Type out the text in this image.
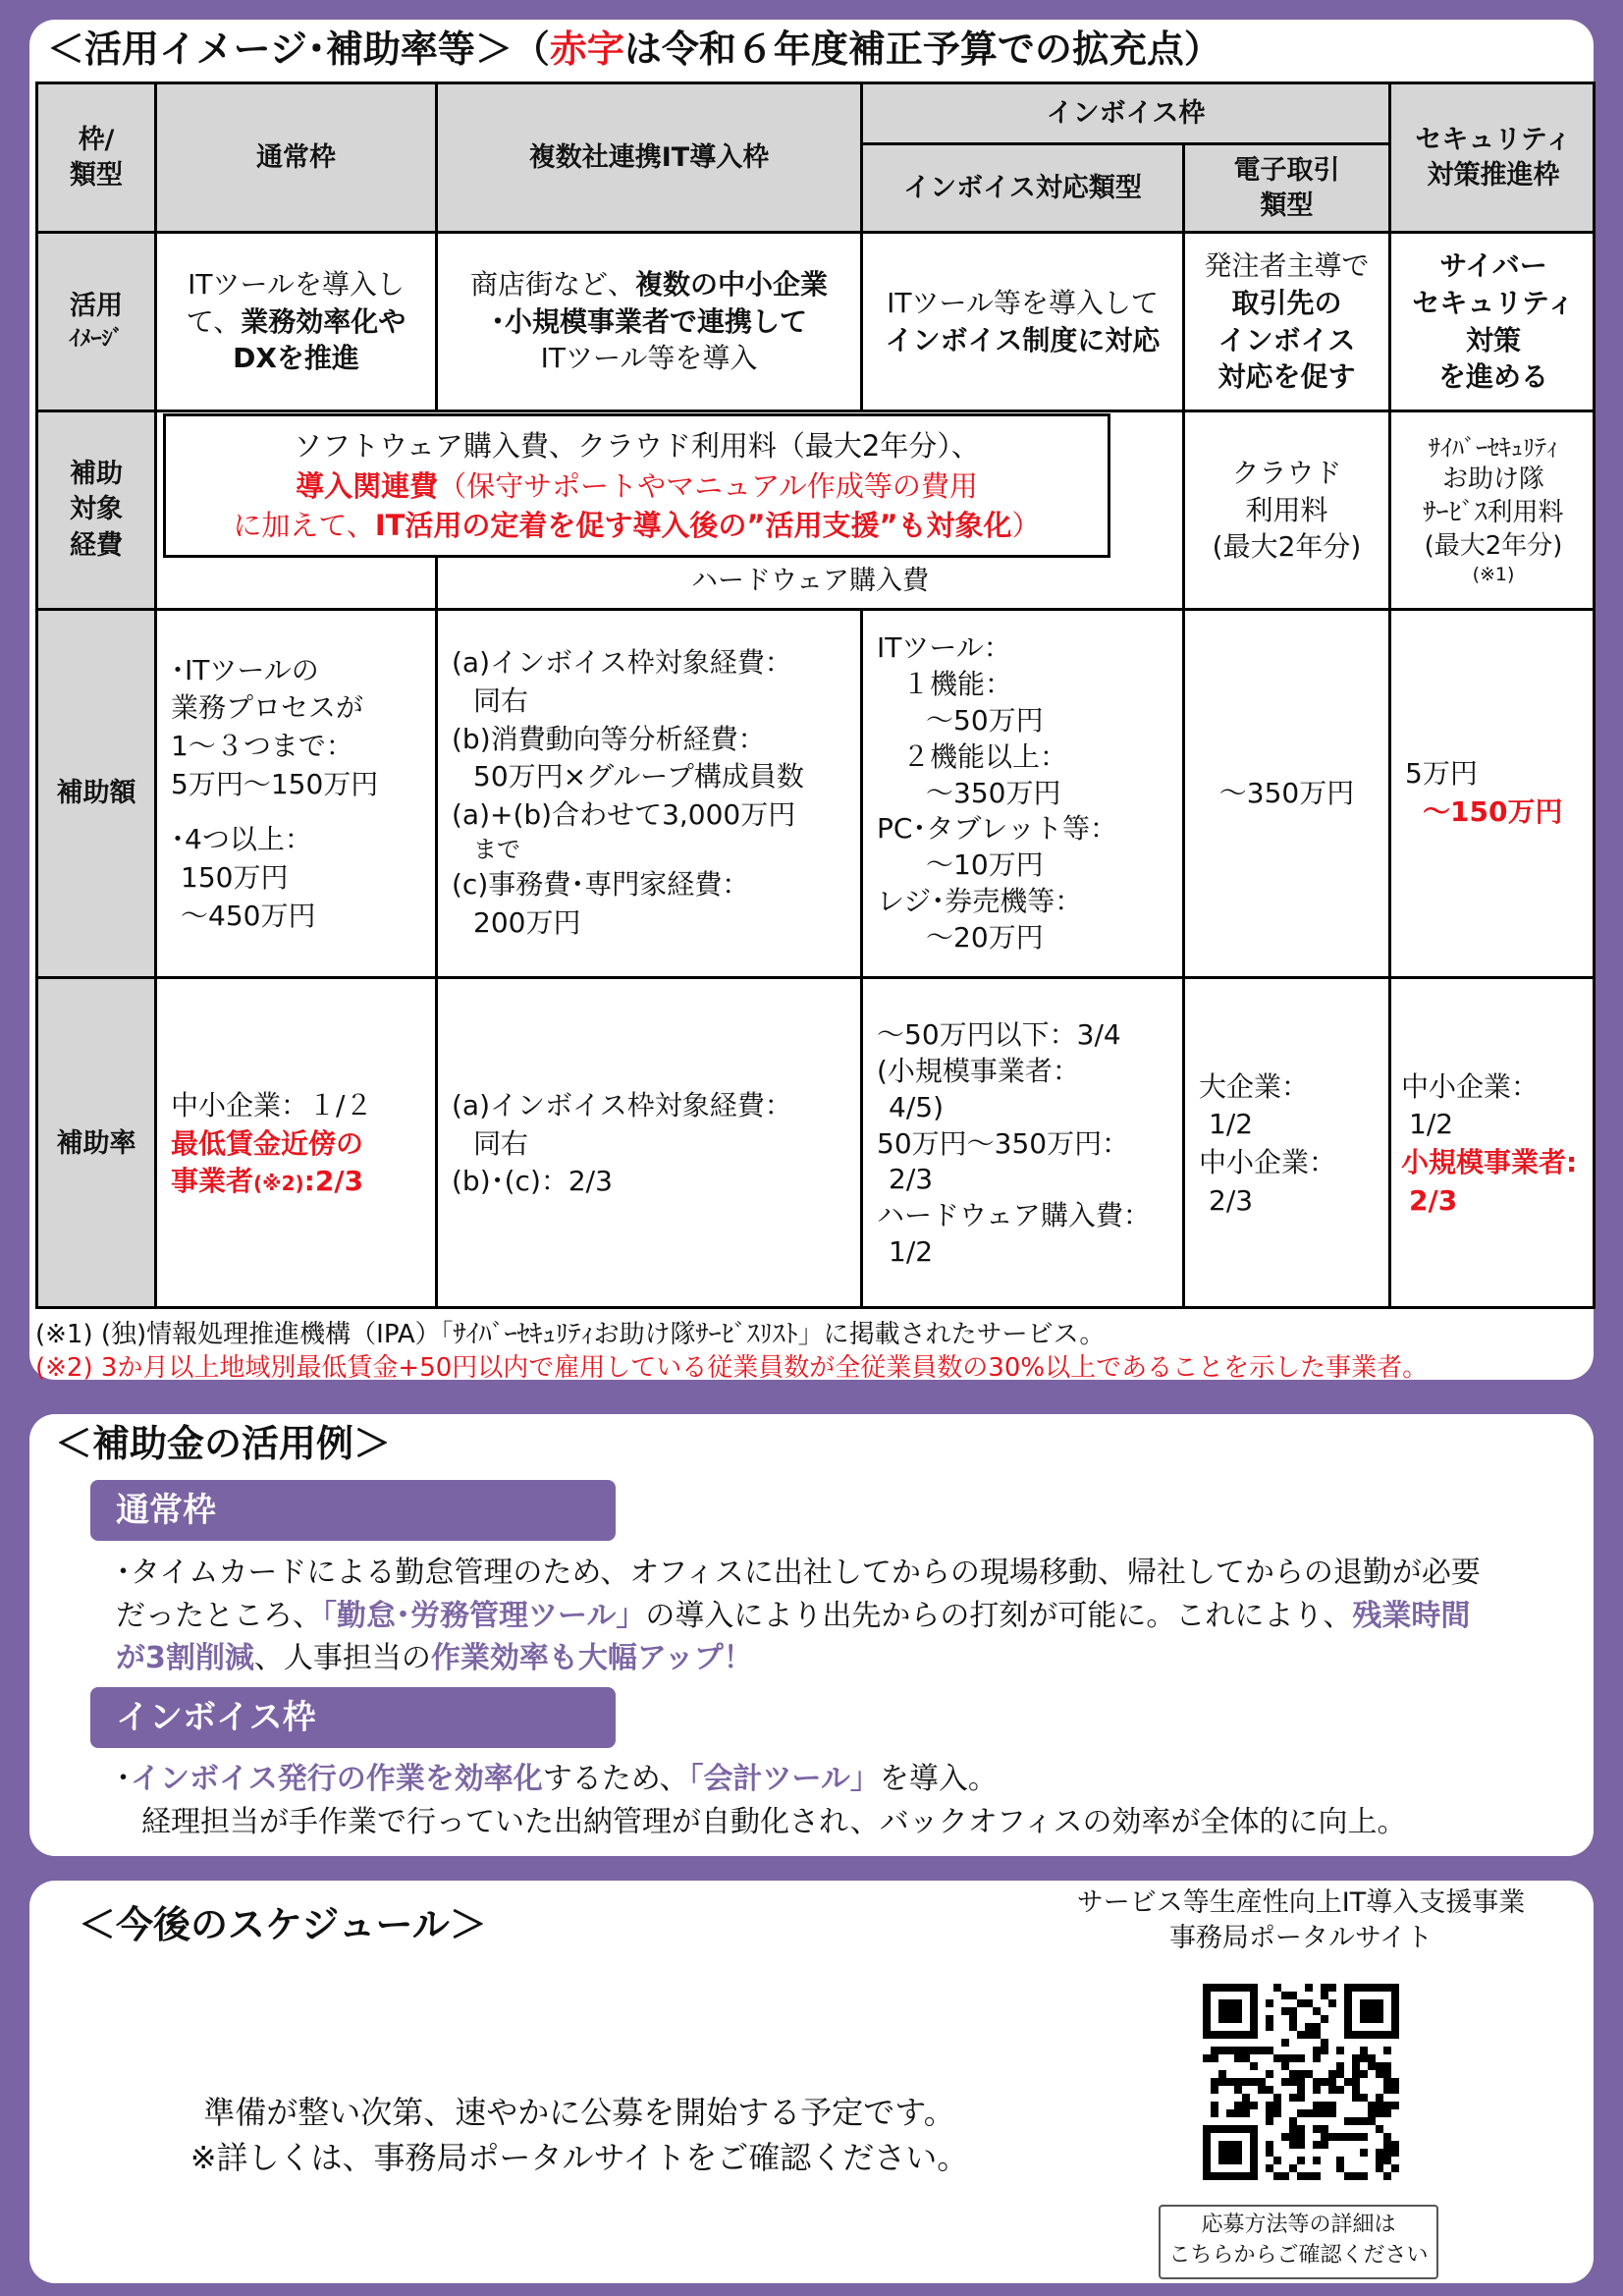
＜活用イメージ･補助率等＞（赤字は令和６年度補正予算での拡充点）
枠/
類型
通常枠	複数社連携IT導入枠
インボイス枠
インボイス対応類型
電子取引
類型
セキュリティ
対策推進枠
活用
ｲﾒｰｼﾞ
ITツールを導入し
て、業務効率化や
DXを推進
商店街など、複数の中小企業
･小規模事業者で連携して
ITツール等を導入
ITツール等を導入して
インボイス制度に対応
発注者主導で
取引先の
インボイス
対応を促す
サイバー
セキュリティ
対策
を進める
補助
対象
経費
ハードウェア購入費
クラウド
利用料
(最大2年分)
ｻｲﾊﾞｰｾｷｭﾘﾃｨ
お助け隊
ｻｰﾋﾞｽ利用料
(最大2年分)
(※1)
ソフトウェア購入費、クラウド利用料（最大2年分）、
導入関連費（保守サポートやマニュアル作成等の費用
に加えて、IT活用の定着を促す導入後の”活用支援”も対象化）
補助額
･ITツールの
業務プロセスが
1～３つまで：
5万円～150万円
･4つ以上：
150万円
～450万円
(a)インボイス枠対象経費：
同右
(b)消費動向等分析経費：
50万円×グループ構成員数
(a)+(b)合わせて3,000万円
まで
(c)事務費･専門家経費：
200万円
ITツール：
１機能：
～50万円
２機能以上：
～350万円
PC･タブレット等：
～10万円
レジ･券売機等：
～20万円
～350万円
5万円
～150万円
補助率
中小企業：１/２
最低賃金近傍の
事業者(※2):2/3
(a)インボイス枠対象経費：
同右
(b)･(c)：2/3
～50万円以下：3/4
(小規模事業者：
4/5)
50万円～350万円：
2/3
ハードウェア購入費：
1/2
大企業：
1/2
中小企業：
2/3
中小企業：
1/2
小規模事業者:
2/3
(※1) (独)情報処理推進機構（IPA）「ｻｲﾊﾞｰｾｷｭﾘﾃｨお助け隊ｻｰﾋﾞｽﾘｽﾄ」に掲載されたサービス。
(※2) 3か月以上地域別最低賃金+50円以内で雇用している従業員数が全従業員数の30%以上であることを示した事業者。
＜補助金の活用例＞
通常枠
･タイムカードによる勤怠管理のため、オフィスに出社してからの現場移動、帰社してからの退勤が必要
だったところ、「勤怠･労務管理ツール」の導入により出先からの打刻が可能に。これにより、残業時間
が3割削減、人事担当の作業効率も大幅アップ！
インボイス枠
･インボイス発行の作業を効率化するため、「会計ツール」を導入。
経理担当が手作業で行っていた出納管理が自動化され、バックオフィスの効率が全体的に向上。
＜今後のスケジュール＞
準備が整い次第、速やかに公募を開始する予定です。
※詳しくは、事務局ポータルサイトをご確認ください。
サービス等生産性向上IT導入支援事業
事務局ポータルサイト
応募方法等の詳細は
こちらからご確認ください
